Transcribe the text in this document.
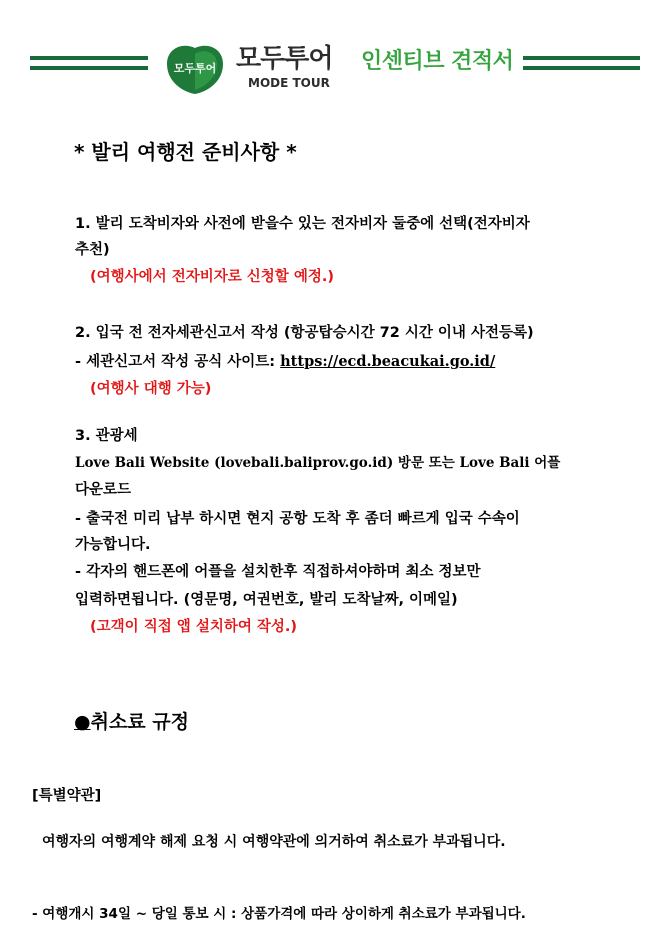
모두투어 모두투어
MODE TOUR
인센티브 견적서
* 발리 여행전 준비사항 *
1. 발리 도착비자와 사전에 받을수 있는 전자비자 둘중에 선택(전자비자
추천)
(여행사에서 전자비자로 신청할 예정.)
2. 입국 전 전자세관신고서 작성 (항공탑승시간 72 시간 이내 사전등록)
- 세관신고서 작성 공식 사이트: https://ecd.beacukai.go.id/
(여행사 대행 가능)
3. 관광세
Love Bali Website (lovebali.baliprov.go.id) 방문 또는 Love Bali 어플
다운로드
- 출국전 미리 납부 하시면 현지 공항 도착 후 좀더 빠르게 입국 수속이
가능합니다.
- 각자의 핸드폰에 어플을 설치한후 직접하셔야하며 최소 정보만
입력하면됩니다. (영문명, 여권번호, 발리 도착날짜, 이메일)
(고객이 직접 앱 설치하여 작성.)
●취소료 규정
[특별약관]
여행자의 여행계약 해제 요청 시 여행약관에 의거하여 취소료가 부과됩니다.
- 여행개시 34일 ~ 당일 통보 시 : 상품가격에 따라 상이하게 취소료가 부과됩니다.
